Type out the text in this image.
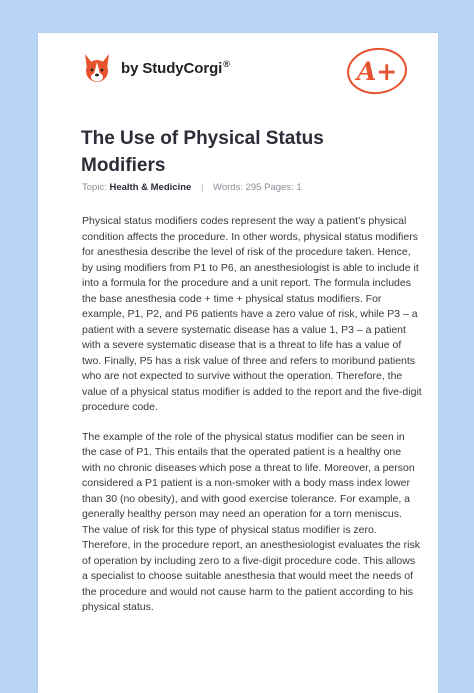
by StudyCorgi®	A+
The Use of Physical Status Modifiers
Topic: Health & Medicine | Words: 295 Pages: 1

Physical status modifiers codes represent the way a patient’s physical condition affects the procedure. In other words, physical status modifiers for anesthesia describe the level of risk of the procedure taken. Hence, by using modifiers from P1 to P6, an anesthesiologist is able to include it into a formula for the procedure and a unit report. The formula includes the base anesthesia code + time + physical status modifiers. For example, P1, P2, and P6 patients have a zero value of risk, while P3 – a patient with a severe systematic disease has a value 1, P3 – a patient with a severe systematic disease that is a threat to life has a value of two. Finally, P5 has a risk value of three and refers to moribund patients who are not expected to survive without the operation. Therefore, the value of a physical status modifier is added to the report and the five-digit procedure code.

The example of the role of the physical status modifier can be seen in the case of P1. This entails that the operated patient is a healthy one with no chronic diseases which pose a threat to life. Moreover, a person considered a P1 patient is a non-smoker with a body mass index lower than 30 (no obesity), and with good exercise tolerance. For example, a generally healthy person may need an operation for a torn meniscus. The value of risk for this type of physical status modifier is zero. Therefore, in the procedure report, an anesthesiologist evaluates the risk of operation by including zero to a five-digit procedure code. This allows a specialist to choose suitable anesthesia that would meet the needs of the procedure and would not cause harm to the patient according to his physical status.
